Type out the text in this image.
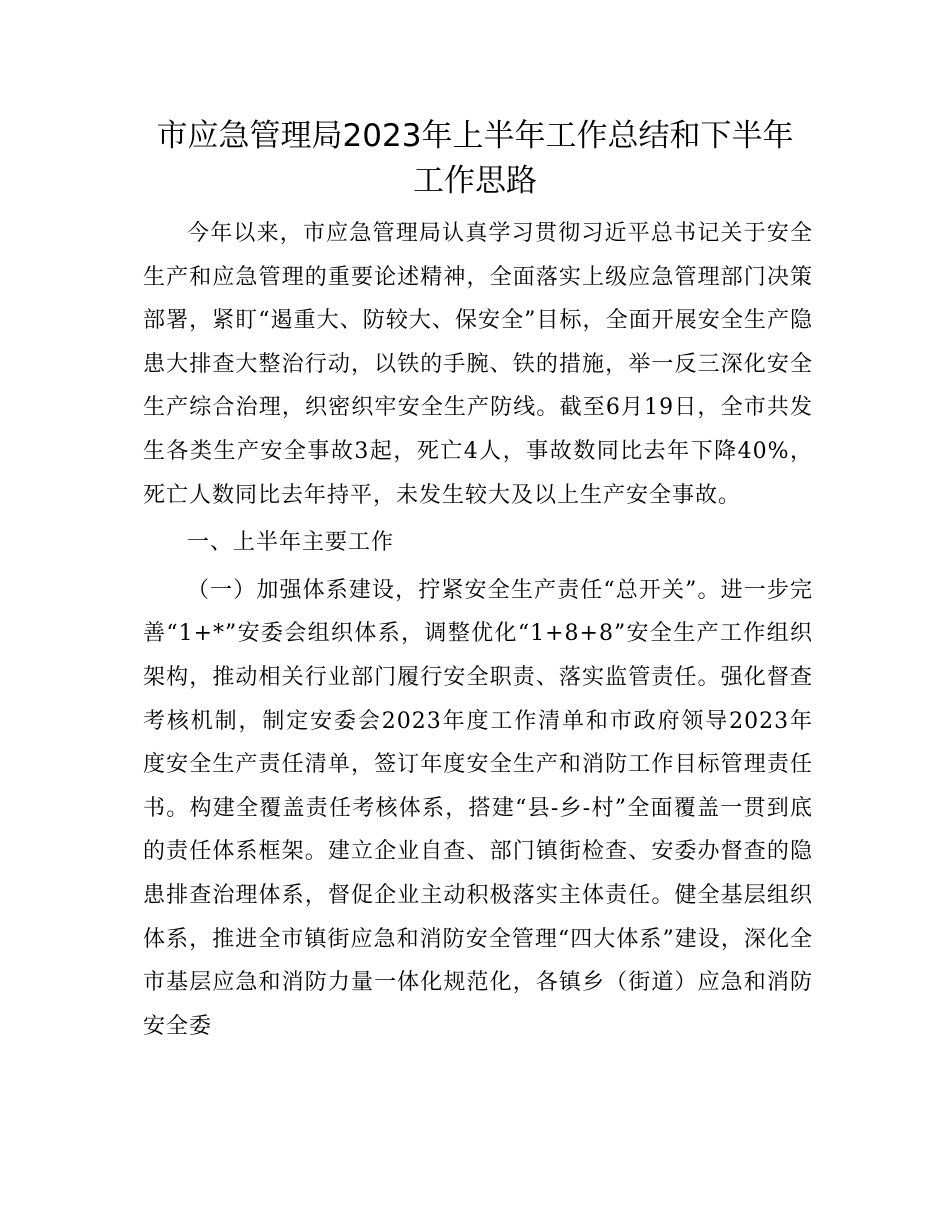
市应急管理局2023年上半年工作总结和下半年
工作思路

今年以来，市应急管理局认真学习贯彻习近平总书记关于安全生产和应急管理的重要论述精神，全面落实上级应急管理部门决策部署，紧盯“遏重大、防较大、保安全”目标，全面开展安全生产隐患大排查大整治行动，以铁的手腕、铁的措施，举一反三深化安全生产综合治理，织密织牢安全生产防线。截至6月19日，全市共发生各类生产安全事故3起，死亡4人，事故数同比去年下降40%，死亡人数同比去年持平，未发生较大及以上生产安全事故。

一、上半年主要工作

（一）加强体系建设，拧紧安全生产责任“总开关”。进一步完善“1+*”安委会组织体系，调整优化“1+8+8”安全生产工作组织架构，推动相关行业部门履行安全职责、落实监管责任。强化督查考核机制，制定安委会2023年度工作清单和市政府领导2023年度安全生产责任清单，签订年度安全生产和消防工作目标管理责任书。构建全覆盖责任考核体系，搭建“县-乡-村”全面覆盖一贯到底的责任体系框架。建立企业自查、部门镇街检查、安委办督查的隐患排查治理体系，督促企业主动积极落实主体责任。健全基层组织体系，推进全市镇街应急和消防安全管理“四大体系”建设，深化全市基层应急和消防力量一体化规范化，各镇乡（街道）应急和消防安全委
